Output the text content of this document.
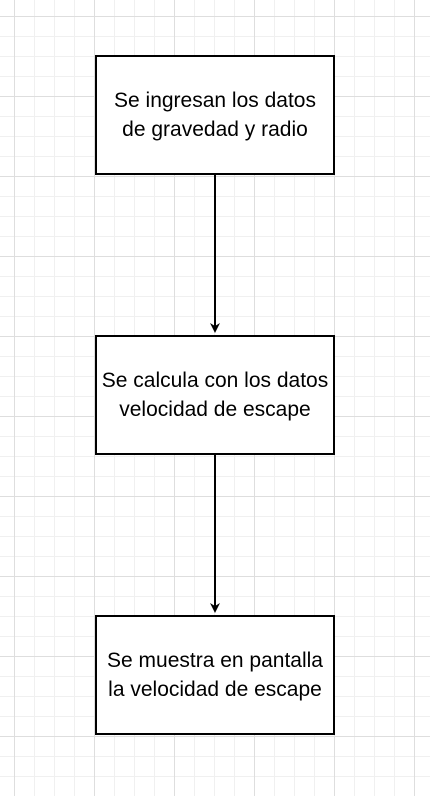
Se ingresan los datos de gravedad y radio
Se calcula con los datos velocidad de escape
Se muestra en pantalla la velocidad de escape
